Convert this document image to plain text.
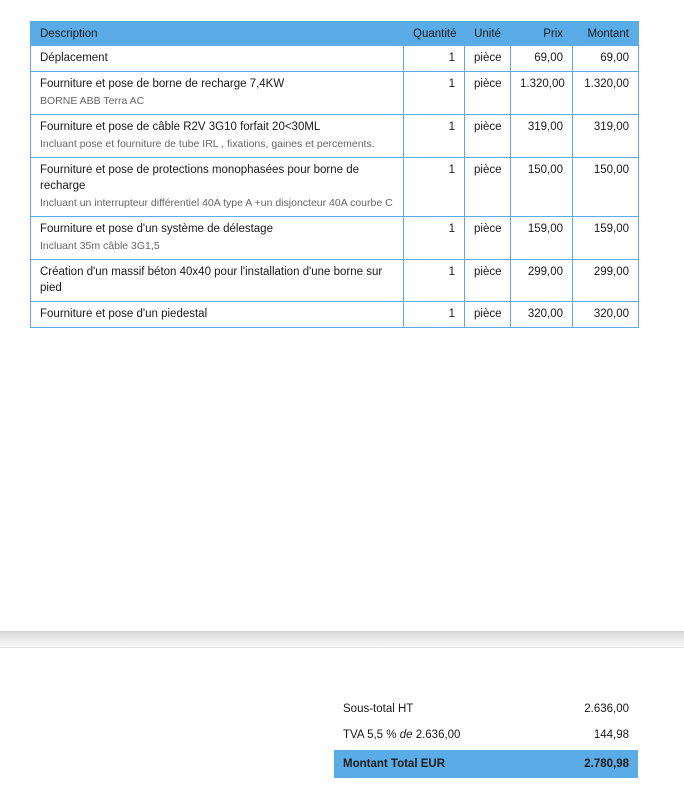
Description	Quantité	Unité	Prix	Montant

Déplacement	1	pièce	69,00	69,00

Fourniture et pose de borne de recharge 7,4KW
BORNE ABB Terra AC	1	pièce	1.320,00	1.320,00

Fourniture et pose de câble R2V 3G10 forfait 20<30ML
Incluant pose et fourniture de tube IRL , fixations, gaines et percements.	1	pièce	319,00	319,00

Fourniture et pose de protections monophasées pour borne de recharge
Incluant un interrupteur différentiel 40A type A +un disjoncteur 40A courbe C	1	pièce	150,00	150,00

Fourniture et pose d'un système de délestage
Incluant 35m câble 3G1,5	1	pièce	159,00	159,00

Création d'un massif béton 40x40 pour l'installation d'une borne sur pied	1	pièce	299,00	299,00

Fourniture et pose d'un piedestal	1	pièce	320,00	320,00
Sous-total HT	2.636,00
TVA 5,5 % de 2.636,00	144,98
Montant Total EUR	2.780,98
